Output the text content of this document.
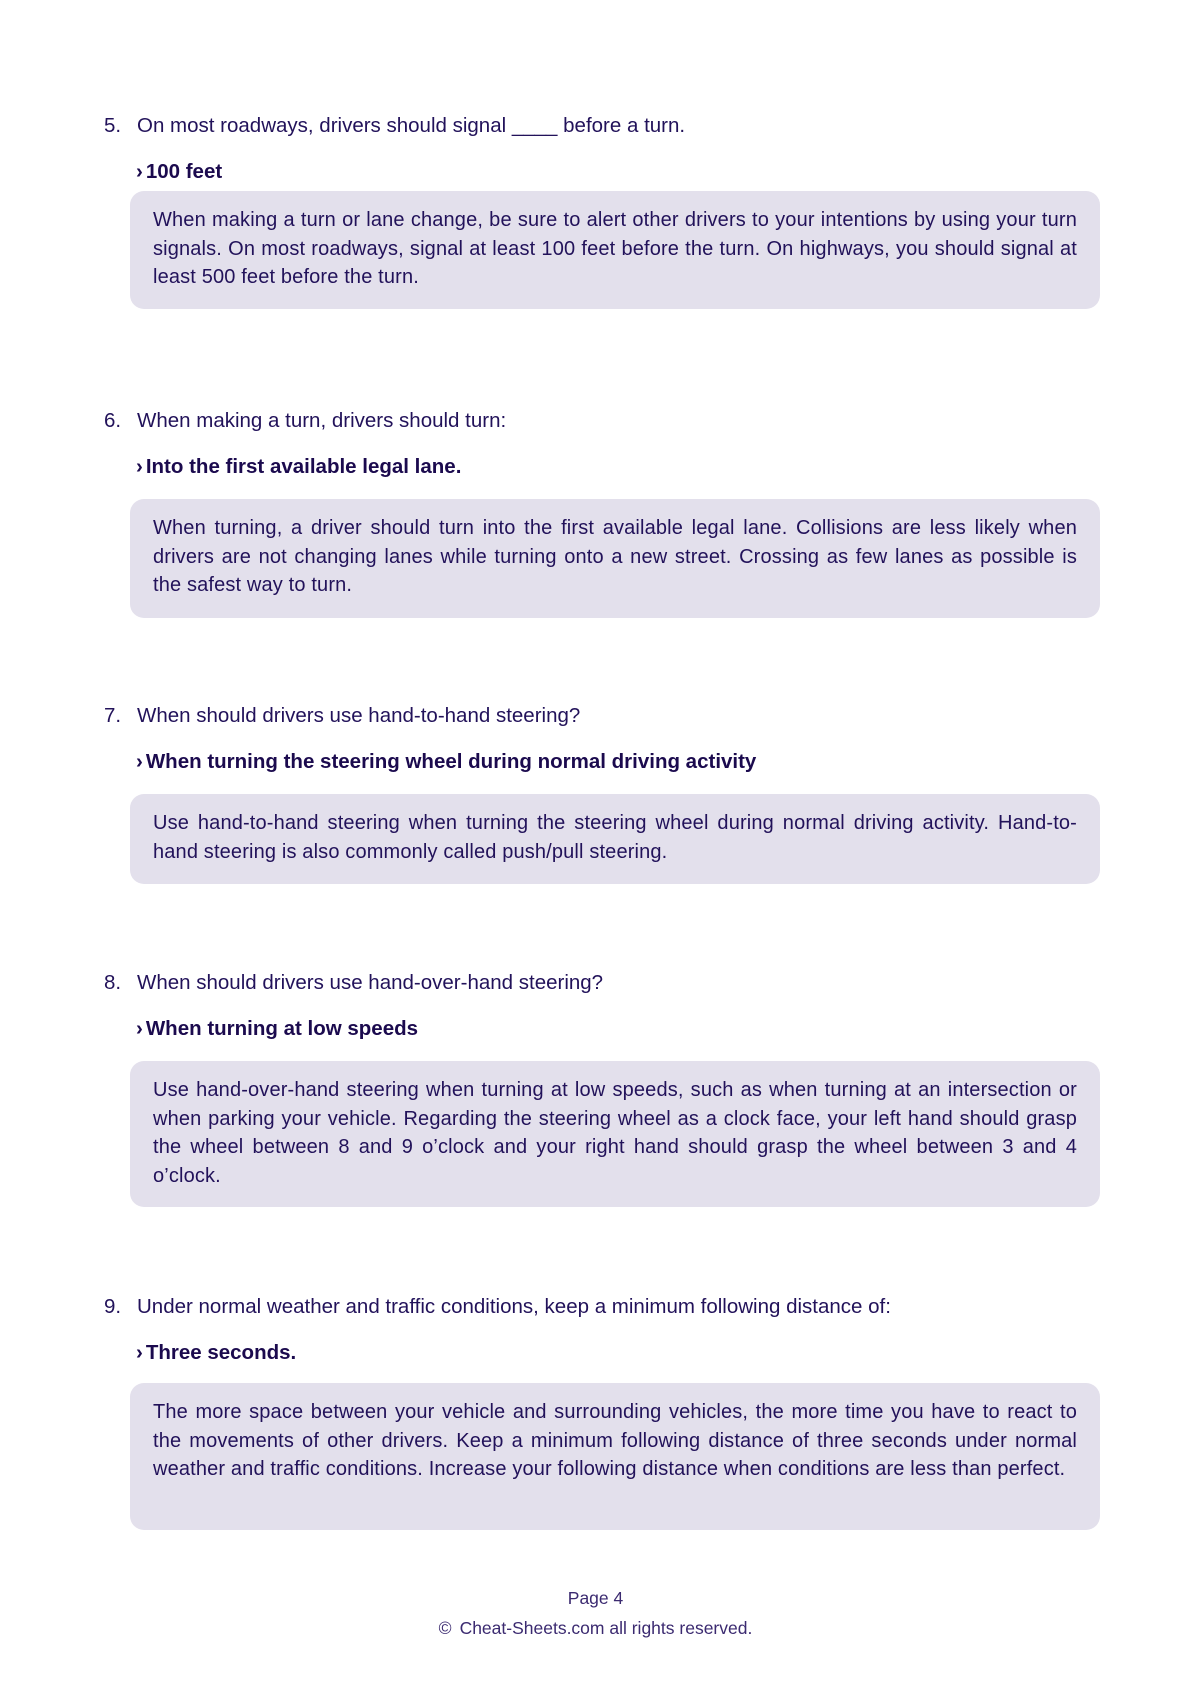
5. On most roadways, drivers should signal ____ before a turn.
› 100 feet
When making a turn or lane change, be sure to alert other drivers to your intentions by using your turn signals. On most roadways, signal at least 100 feet before the turn. On highways, you should signal at least 500 feet before the turn.
6. When making a turn, drivers should turn:
› Into the first available legal lane.
When turning, a driver should turn into the first available legal lane. Collisions are less likely when drivers are not changing lanes while turning onto a new street. Crossing as few lanes as possible is the safest way to turn.
7. When should drivers use hand-to-hand steering?
› When turning the steering wheel during normal driving activity
Use hand-to-hand steering when turning the steering wheel during normal driving activity. Hand-to-hand steering is also commonly called push/pull steering.
8. When should drivers use hand-over-hand steering?
› When turning at low speeds
Use hand-over-hand steering when turning at low speeds, such as when turning at an intersection or when parking your vehicle. Regarding the steering wheel as a clock face, your left hand should grasp the wheel between 8 and 9 o’clock and your right hand should grasp the wheel between 3 and 4 o’clock.
9. Under normal weather and traffic conditions, keep a minimum following distance of:
› Three seconds.
The more space between your vehicle and surrounding vehicles, the more time you have to react to the movements of other drivers. Keep a minimum following distance of three seconds under normal weather and traffic conditions. Increase your following distance when conditions are less than perfect.
Page 4
© Cheat-Sheets.com all rights reserved.
